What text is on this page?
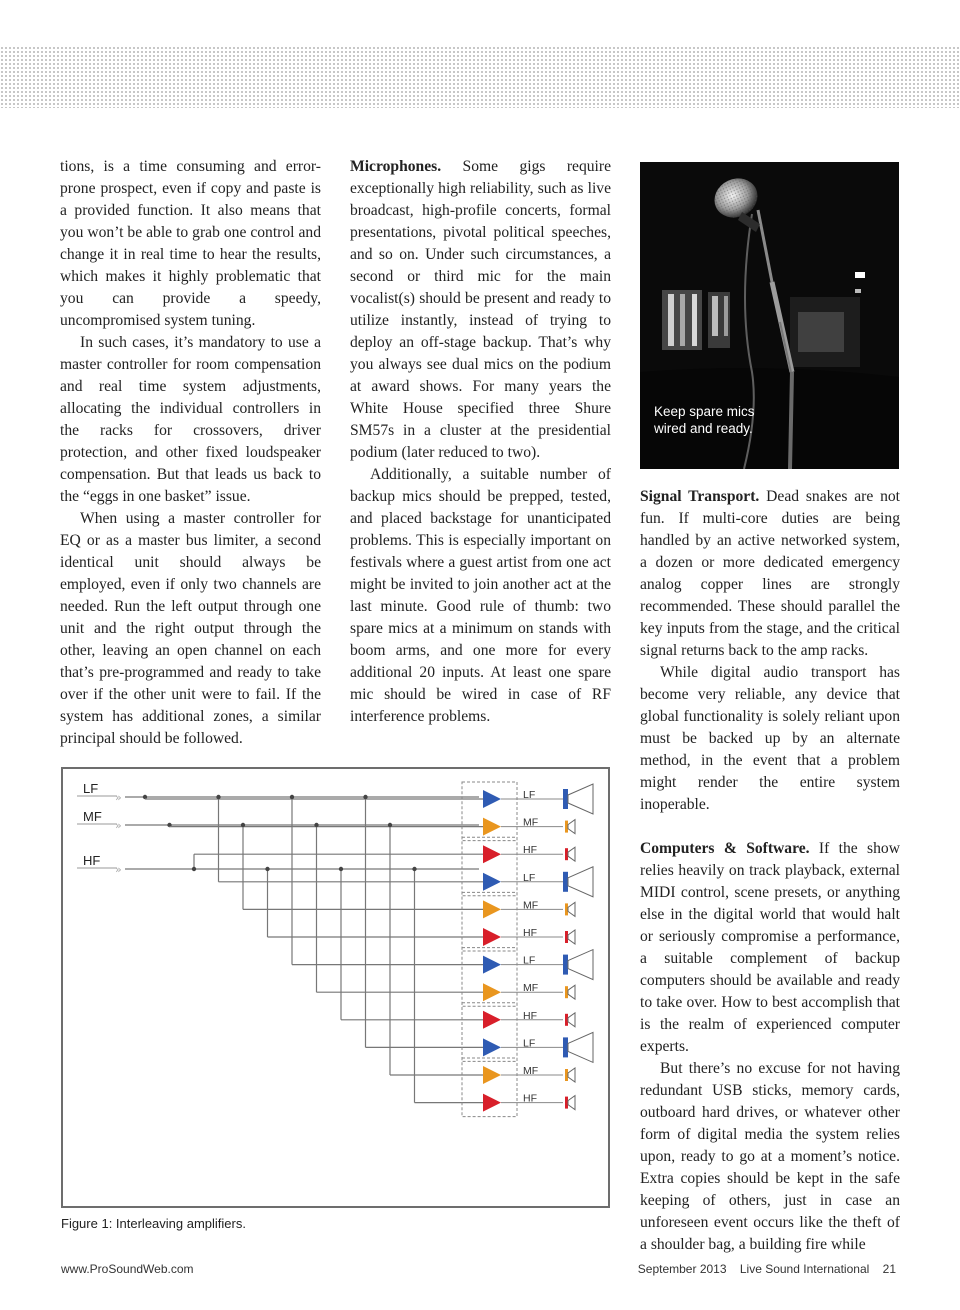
tions, is a time consuming and error-prone prospect, even if copy and paste is a provided function. It also means that you won’t be able to grab one control and change it in real time to hear the results, which makes it highly problematic that you can provide a speedy, uncompromised system tuning.

In such cases, it’s mandatory to use a master controller for room compensation and real time system adjustments, allocating the individual controllers in the racks for crossovers, driver protection, and other fixed loudspeaker compensation. But that leads us back to the “eggs in one basket” issue.

When using a master controller for EQ or as a master bus limiter, a second identical unit should always be employed, even if only two channels are needed. Run the left output through one unit and the right output through the other, leaving an open channel on each that’s pre-programmed and ready to take over if the other unit were to fail. If the system has additional zones, a similar principal should be followed.

Microphones. Some gigs require exceptionally high reliability, such as live broadcast, high-profile concerts, formal presentations, pivotal political speeches, and so on. Under such circumstances, a second or third mic for the main vocalist(s) should be present and ready to utilize instantly, instead of trying to deploy an off-stage backup. That’s why you always see dual mics on the podium at award shows. For many years the White House specified three Shure SM57s in a cluster at the presidential podium (later reduced to two).

Additionally, a suitable number of backup mics should be prepped, tested, and placed backstage for unanticipated problems. This is especially important on festivals where a guest artist from one act might be invited to join another act at the last minute. Good rule of thumb: two spare mics at a minimum on stands with boom arms, and one more for every additional 20 inputs. At least one spare mic should be wired in case of RF interference problems.

Keep spare mics wired and ready.

Signal Transport. Dead snakes are not fun. If multi-core duties are being handled by an active networked system, a dozen or more dedicated emergency analog copper lines are strongly recommended. These should parallel the key inputs from the stage, and the critical signal returns back to the amp racks.

While digital audio transport has become very reliable, any device that global functionality is solely reliant upon must be backed up by an alternate method, in the event that a problem might render the entire system inoperable.

Computers & Software. If the show relies heavily on track playback, external MIDI control, scene presets, or anything else in the digital world that would halt or seriously compromise a performance, a suitable complement of backup computers should be available and ready to take over. How to best accomplish that is the realm of experienced computer experts.

But there’s no excuse for not having redundant USB sticks, memory cards, outboard hard drives, or whatever other form of digital media the system relies upon, ready to go at a moment’s notice. Extra copies should be kept in the safe keeping of others, just in case an unforeseen event occurs like the theft of a shoulder bag, a building fire while

LF
»
MF
»
HF
»
LF
MF
HF
LF
MF
HF
LF
MF
HF
LF
MF
HF
Figure 1: Interleaving amplifiers.
www.ProSoundWeb.com	September 2013 Live Sound International 21
